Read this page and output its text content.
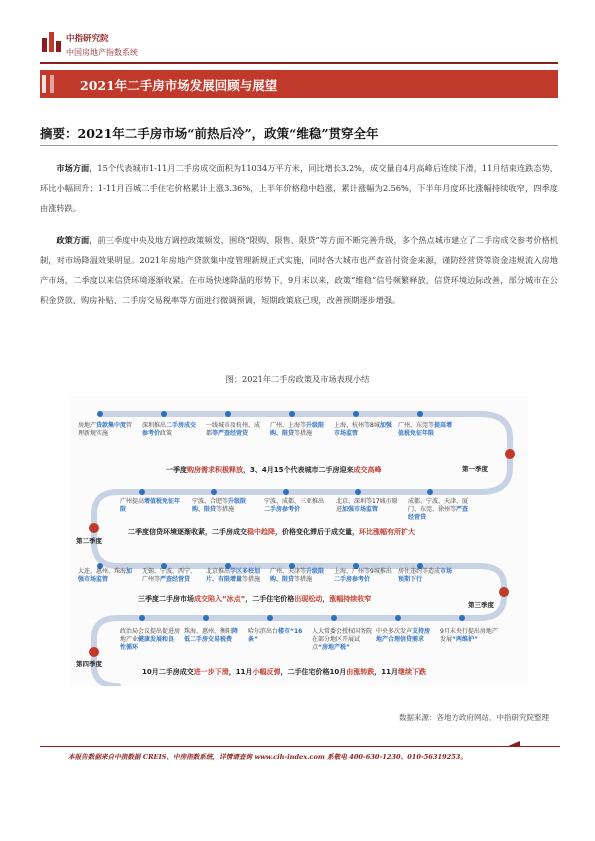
中指研究院
中国房地产指数系统
2021年二手房市场发展回顾与展望
摘要：2021年二手房市场“前热后冷”，政策“维稳”贯穿全年
市场方面，15个代表城市1-11月二手房成交面积为11034万平方米，同比增长3.2%，成交量自4月高峰后连续下滑，11月结束连跌态势，环比小幅回升；1-11月百城二手住宅价格累计上涨3.36%，上半年价格稳中趋涨，累计涨幅为2.56%，下半年月度环比涨幅持续收窄，四季度由涨转跌。
政策方面，前三季度中央及地方调控政策频发，围绕“限购、限售、限贷”等方面不断完善升级，多个热点城市建立了二手房成交参考价格机制，对市场降温效果明显。2021年房地产贷款集中度管理新规正式实施，同时各大城市也严查首付资金来源，谨防经营贷等资金违规流入房地产市场，二季度以来信贷环境逐渐收紧。在市场快速降温的形势下，9月末以来，政策“维稳”信号频繁释放，信贷环境边际改善，部分城市在公积金贷款、购房补贴、二手房交易税率等方面进行微调预调，短期政策底已现，改善预期逐步增强。
图：2021年二手房政策及市场表现小结
房地产贷款集中度管理新规实施
深圳推出二手房成交参考价政策
一线城市及杭州、成都等严查经营贷
广州、上海等升级限购、限贷等措施
上海、杭州等8城加强市场监管
广州、东莞等提高增值税免征年限
广州提高增值税免征年限
宁波、合肥等升级限购、限贷等措施
宁波、成都、三亚推出二手房参考价
北京、深圳等17城市原进加强市场监管
成都、宁波、天津、厦门、东莞、徐州等严查经营贷
大连、惠州、珠海加强市场监管
无锡、宁波、西宁、广州等严查经营贷
北京推出学区多校划片、有限增量等措施
广州、天津等升级限购、限贷等措施
上海、广州等9城推出二手房参考价
房住违约等造成市场预期下行
政治局会议提出促进房地产业健康发展和良性循环
珠海、惠州、衡阳降低二手房交易税费
哈尔滨出台楼市“16条”
人大常委会授权国务院在部分地区开展试点“房地产税”
中央多次发声支持房地产合理信贷需求
9月末央行提出房地产发展“两维护”
第一季度
第二季度
第三季度
第四季度
一季度购房需求积极释放，3、4月15个代表城市二手房迎来成交高峰
二季度信贷环境逐渐收紧，二手房成交稳中趋降，价格变化滞后于成交量，环比涨幅有所扩大
三季度二手房市场成交陷入“冰点”，二手住宅价格出现松动，涨幅持续收窄
10月二手房成交进一步下滑，11月小幅反弹，二手住宅价格10月由涨转跌，11月继续下跌
数据来源：各地方政府网站、中指研究院整理
本报告数据来自中指数据 CREIS、中房指数系统，详情请查询 www.cih-index.com 系敬电 400-630-1230、010-56319253。
